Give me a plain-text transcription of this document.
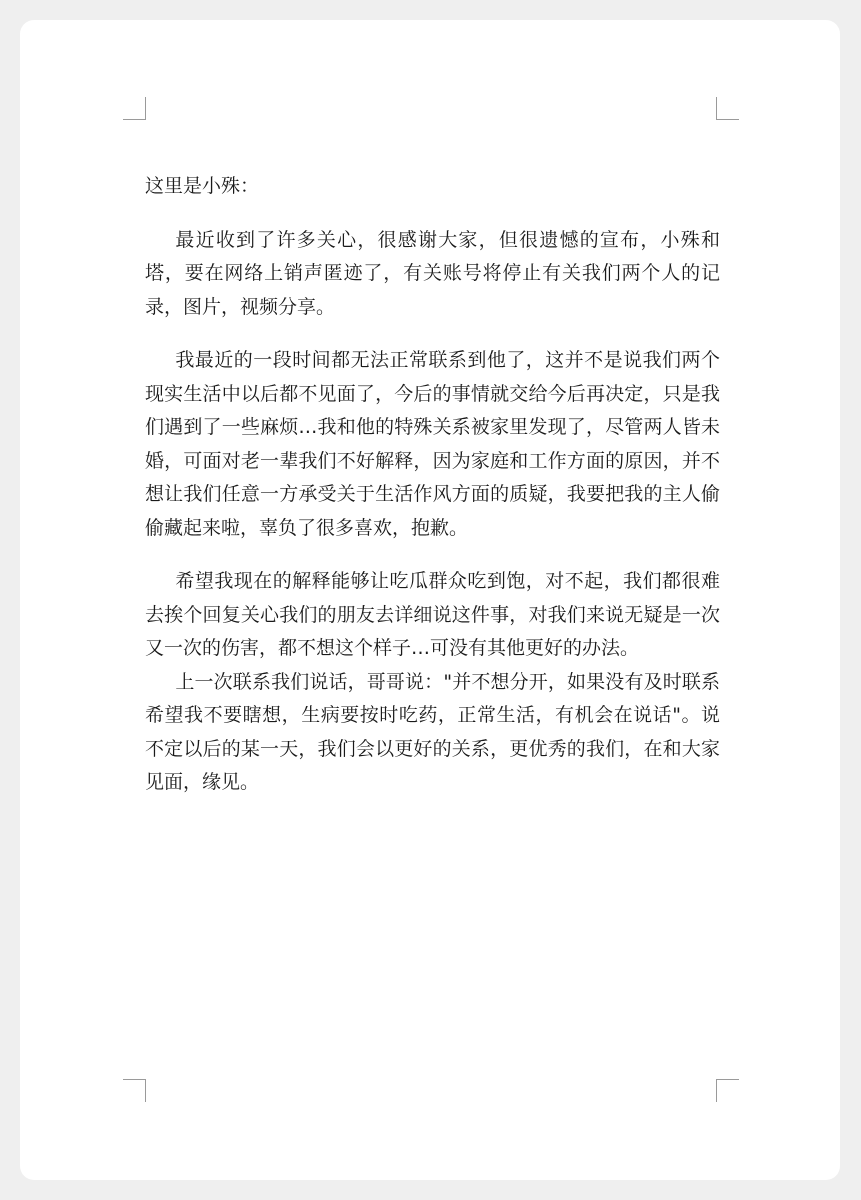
这里是小殊：

最近收到了许多关心，很感谢大家，但很遗憾的宣布，小殊和塔，要在网络上销声匿迹了，有关账号将停止有关我们两个人的记录，图片，视频分享。

我最近的一段时间都无法正常联系到他了，这并不是说我们两个现实生活中以后都不见面了，今后的事情就交给今后再决定，只是我们遇到了一些麻烦…我和他的特殊关系被家里发现了，尽管两人皆未婚，可面对老一辈我们不好解释，因为家庭和工作方面的原因，并不想让我们任意一方承受关于生活作风方面的质疑，我要把我的主人偷偷藏起来啦，辜负了很多喜欢，抱歉。

希望我现在的解释能够让吃瓜群众吃到饱，对不起，我们都很难去挨个回复关心我们的朋友去详细说这件事，对我们来说无疑是一次又一次的伤害，都不想这个样子…可没有其他更好的办法。

上一次联系我们说话，哥哥说："并不想分开，如果没有及时联系希望我不要瞎想，生病要按时吃药，正常生活，有机会在说话"。说不定以后的某一天，我们会以更好的关系，更优秀的我们，在和大家见面，缘见。
